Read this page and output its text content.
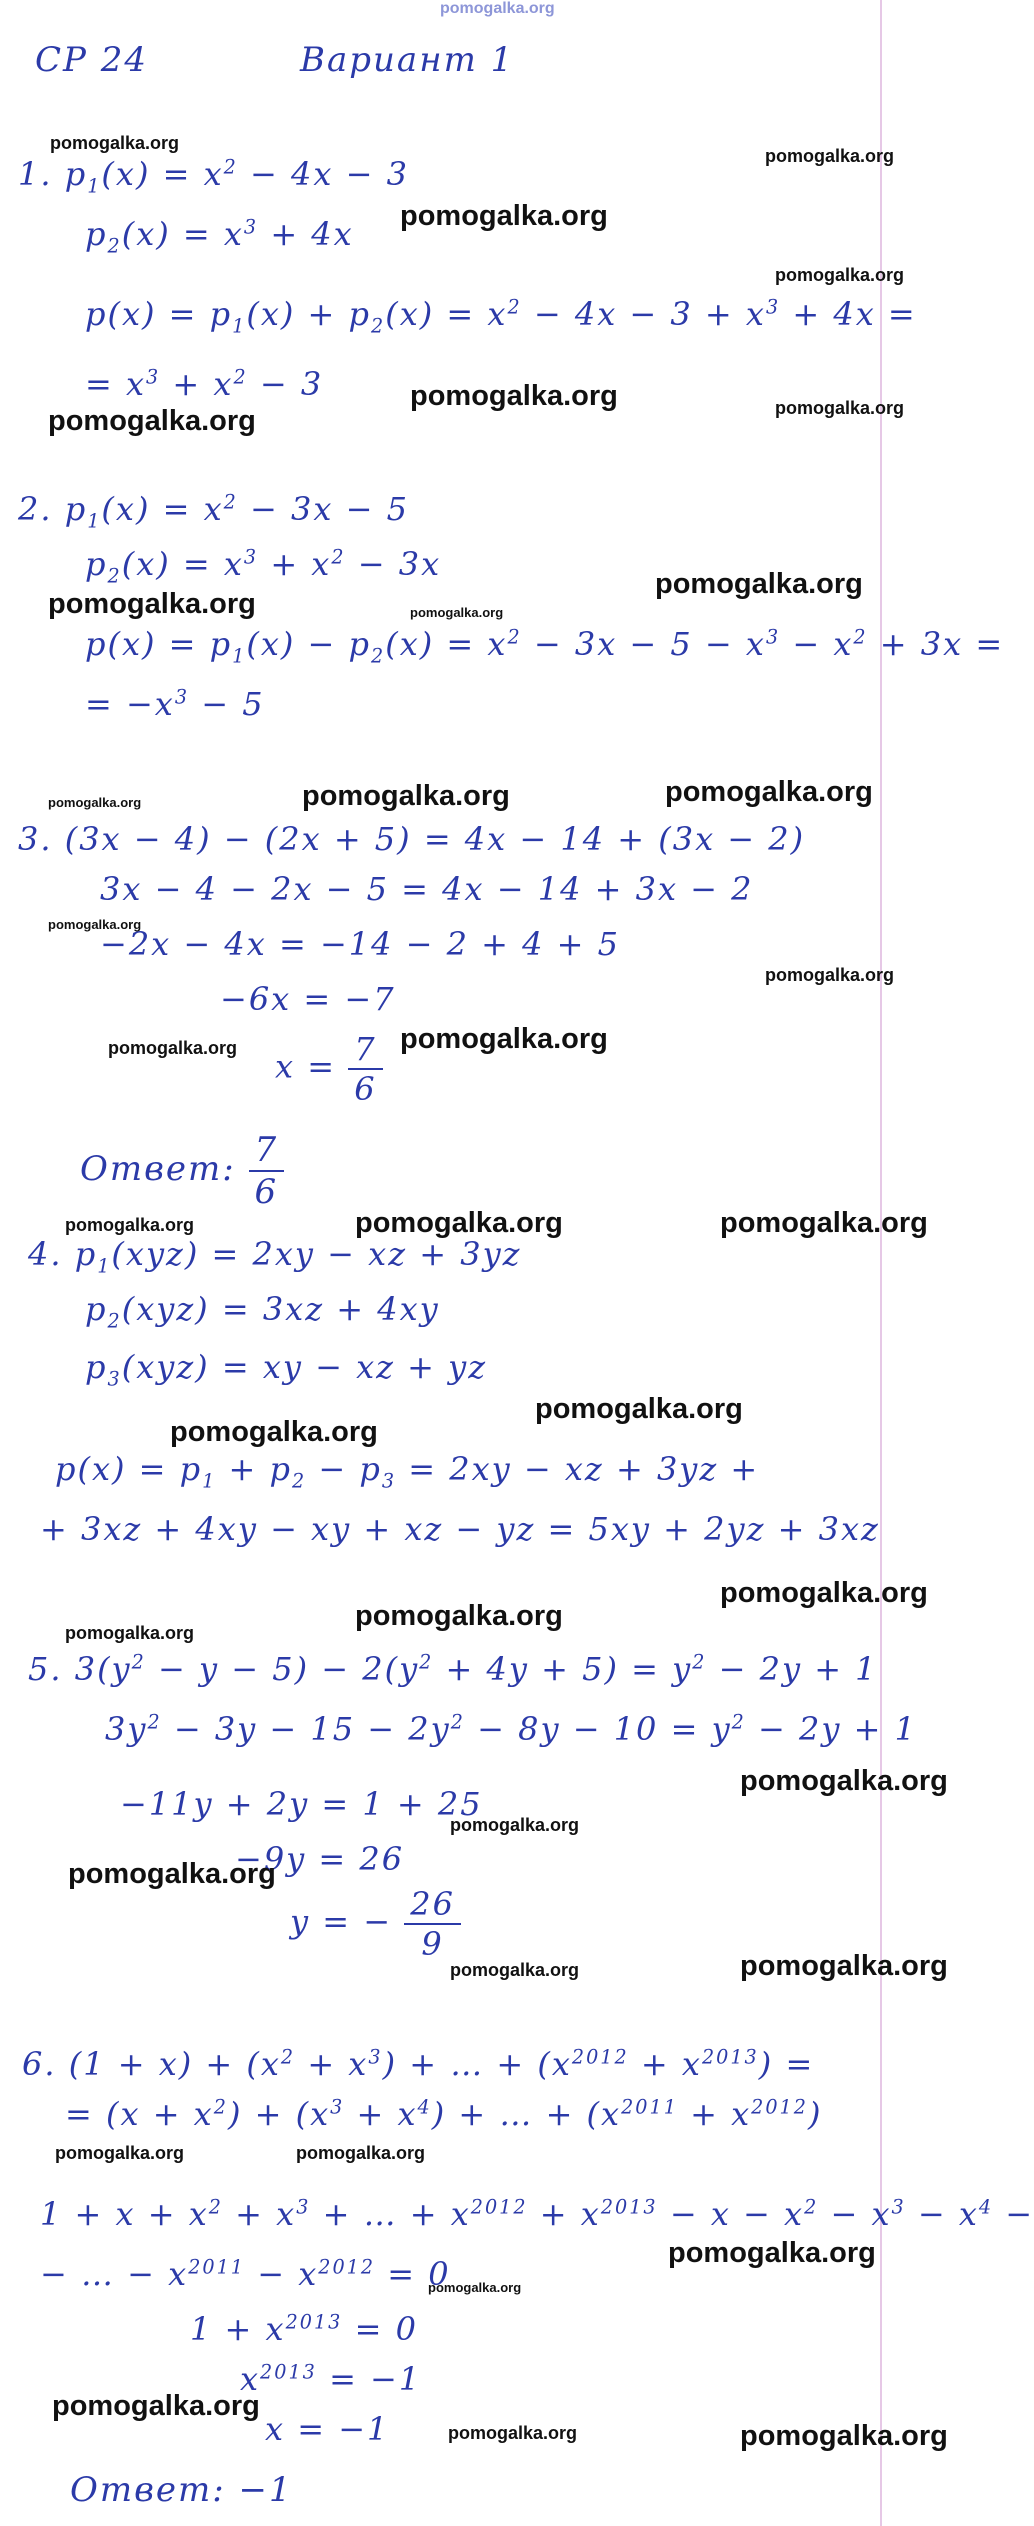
pomogalka.org
СР 24	Вариант 1
1. $p_1(x) = x^2 - 4x - 3$
$p_2(x) = x^3 + 4x$
$p(x) = p_1(x) + p_2(x) = x^2 - 4x - 3 + x^3 + 4x$ =
= $x^3 + x^2 - 3$
2. $p_1(x) = x^2 - 3x - 5$
$p_2(x) = x^3 + x^2 - 3x$
$p(x) = p_1(x) - p_2(x) = x^2 - 3x - 5 - x^3 - x^2 + 3x$ =
= $-x^3 - 5$
3. (3x − 4) − (2x + 5) = 4x − 14 + (3x − 2)
3x − 4 − 2x − 5 = 4x − 14 + 3x − 2
−2x − 4x = −14 − 2 + 4 + 5
−6x = −7
$x = \frac{7}{6}$
Ответ: $\frac{7}{6}$
4. $p_1(xyz) = 2xy$ − xz + 3yz
$p_2(xyz) = 3xz + 4xy$
$p_3(xyz)$ = xy − xz + yz
$p(x) = p_1 + p_2 - p_3 = 2xy$ − xz + 3yz +
+ 3xz + 4xy − xy + xz − yz = 5xy + 2yz + 3xz
5. $3(y^2 - y - 5) - 2(y^2 + 4y + 5) = y^2 - 2y + 1$
$3y^2 - 3y - 15 - 2y^2 - 8y - 10 = y^2 - 2y + 1$
−11y + 2y = 1 + 25
−9y = 26
y = − $\frac{26}{9}$
6. $(1 + x) + (x^2 + x^3)$ + … + $(x^{2012} + x^{2013})$ =
= $(x + x^2) + (x^3 + x^4)$ + … + $(x^{2011} + x^{2012})$
$1 + x + x^2 + x^3$ + … + $x^{2012} + x^{2013} - x - x^2 - x^3 - x^4$ −
− … − $x^{2011} - x^{2012} = 0$
$1 + x^{2013} = 0$
$x^{2013} = -1$
x = −1
Ответ: −1
pomogalka.org
pomogalka.org
pomogalka.org
pomogalka.org
pomogalka.org	pomogalka.org
pomogalka.org
pomogalka.org
pomogalka.org	pomogalka.org
pomogalka.org	pomogalka.org	pomogalka.org
pomogalka.org
pomogalka.org
pomogalka.org	pomogalka.org
pomogalka.org	pomogalka.org	pomogalka.org
pomogalka.org
pomogalka.org
pomogalka.org
pomogalka.org
pomogalka.org
pomogalka.org
pomogalka.org
pomogalka.org
pomogalka.org	pomogalka.org
pomogalka.org	pomogalka.org
pomogalka.org
pomogalka.org
pomogalka.org
pomogalka.org	pomogalka.org
